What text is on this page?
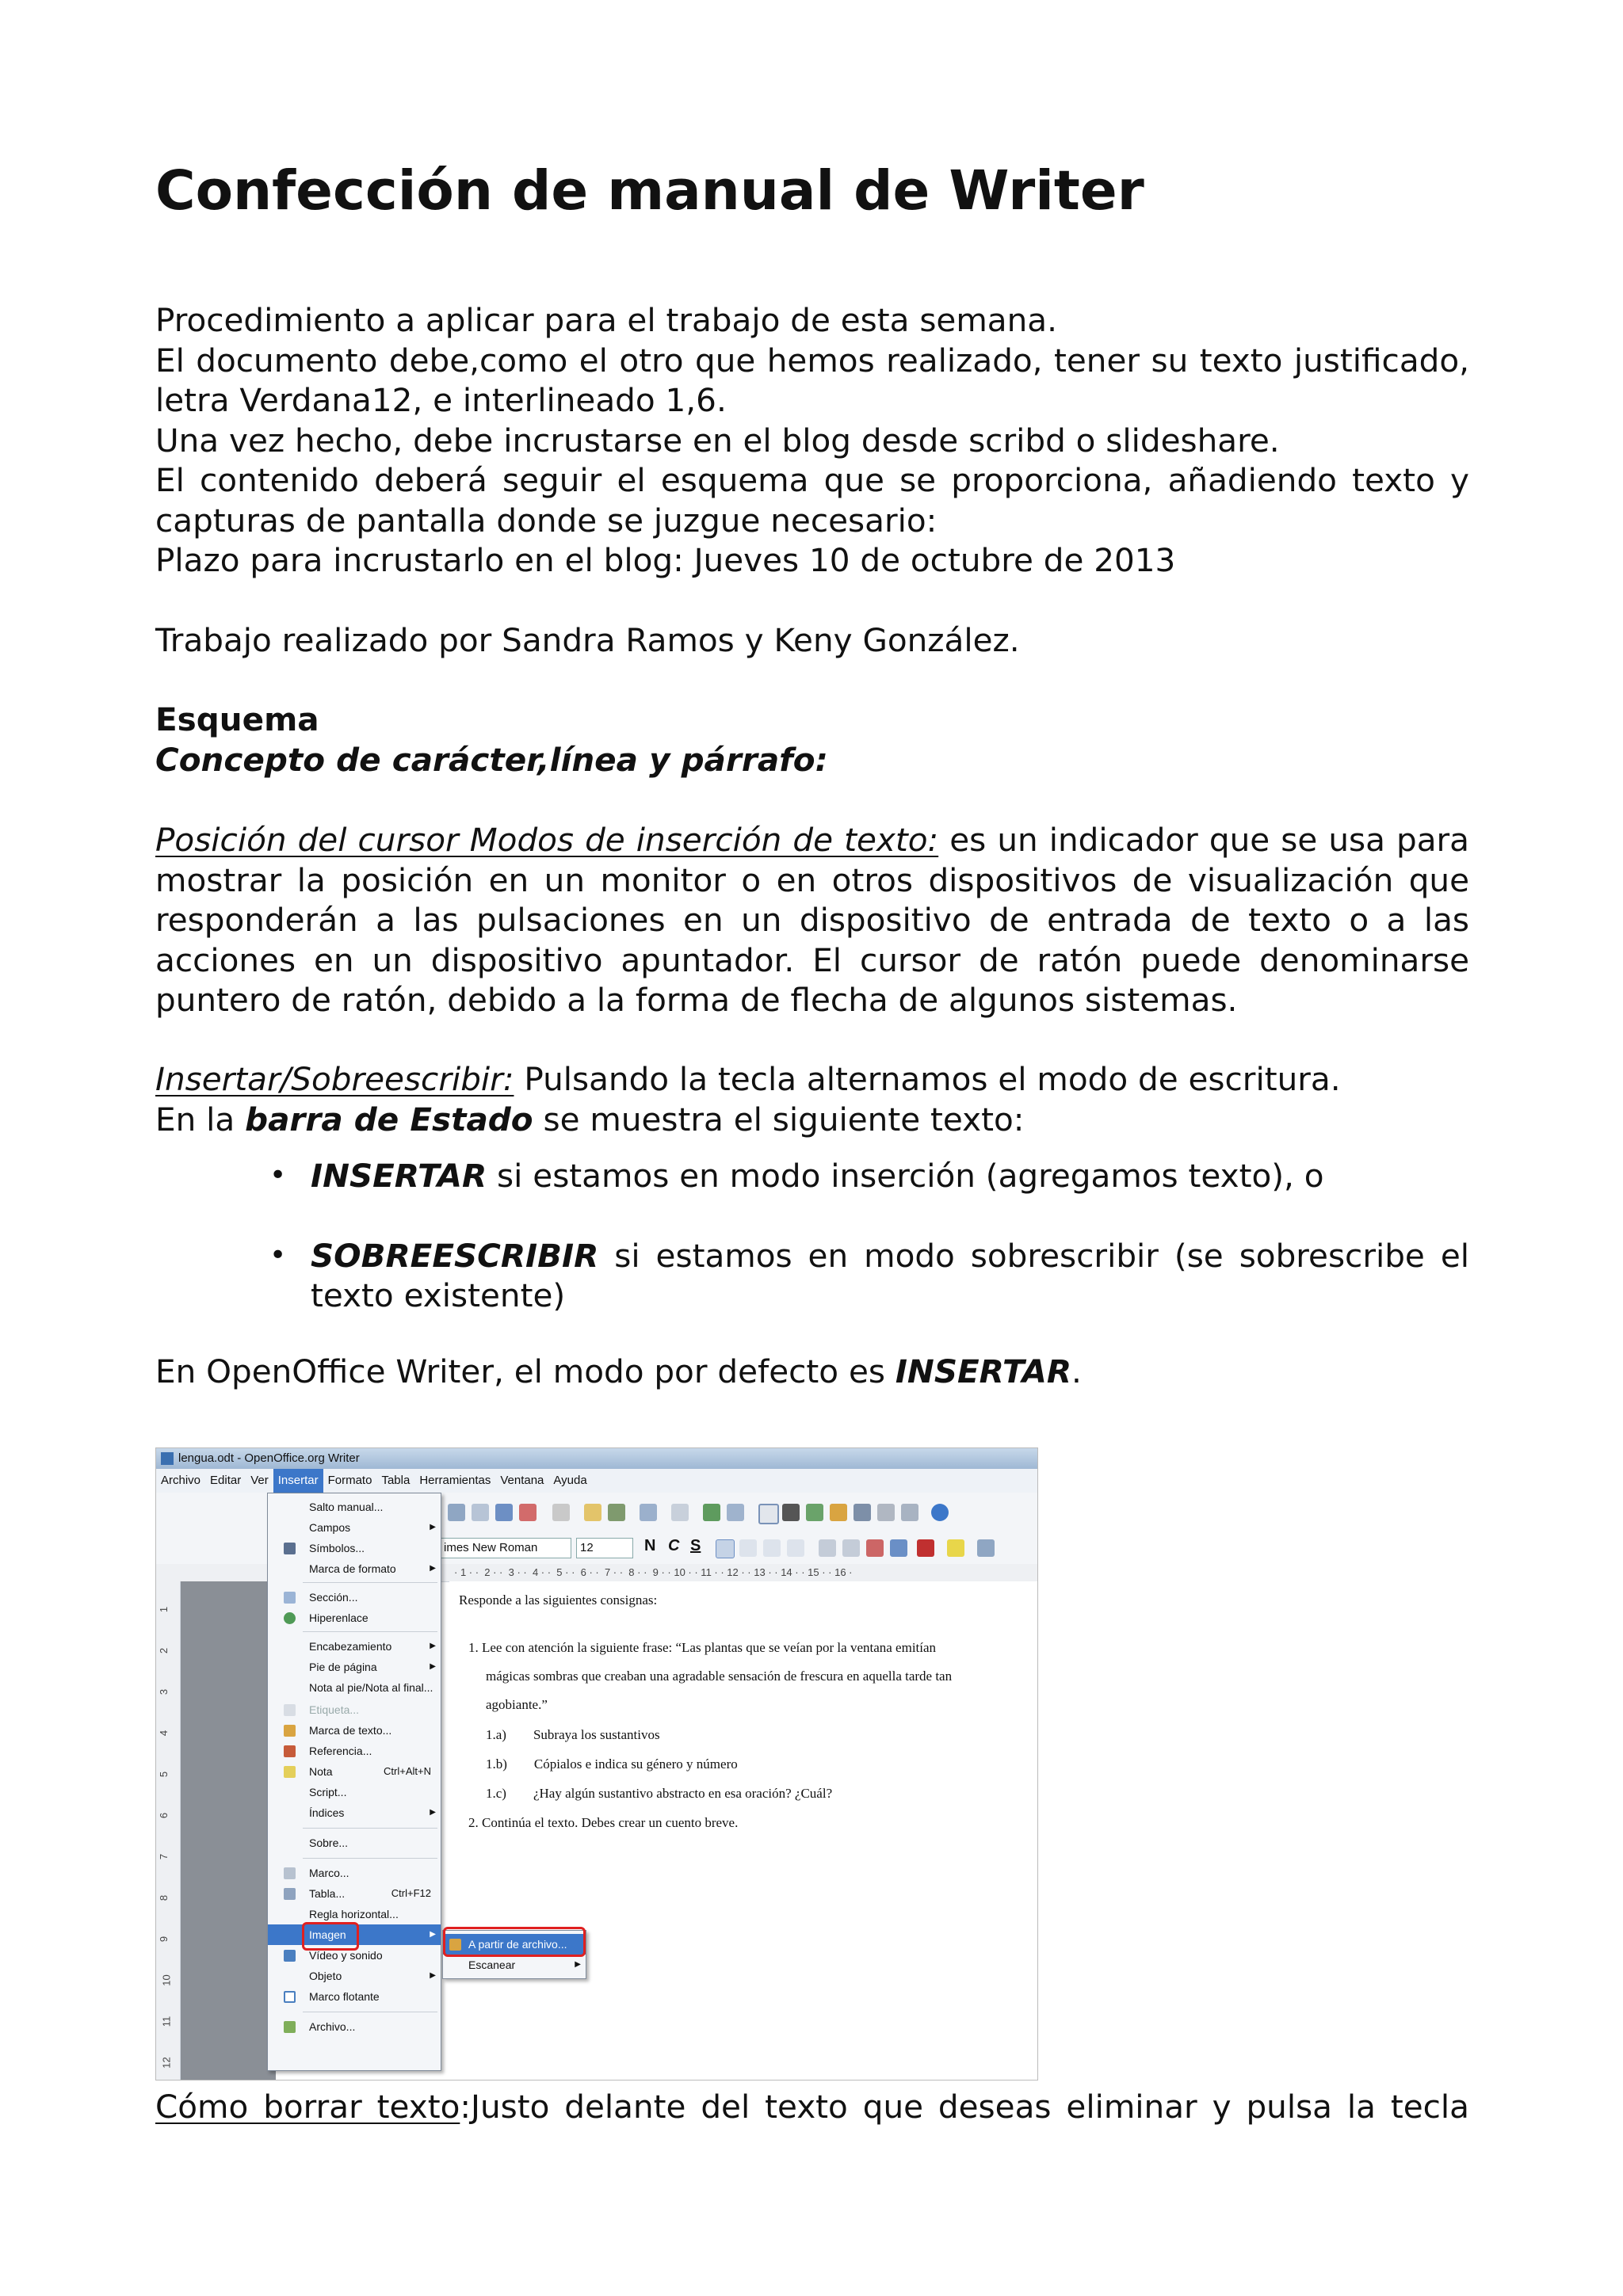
Confección de manual de Writer

Procedimiento a aplicar para el trabajo de esta semana.

El documento debe,como el otro que hemos realizado, tener su texto justificado, letra Verdana12, e interlineado 1,6.

Una vez hecho, debe incrustarse en el blog desde scribd o slideshare.

El contenido deberá seguir el esquema que se proporciona, añadiendo texto y capturas de pantalla donde se juzgue necesario:

Plazo para incrustarlo en el blog: Jueves 10 de octubre de 2013

Trabajo realizado por Sandra Ramos y Keny González.

Esquema

Concepto de carácter,línea y párrafo:

Posición del cursor Modos de inserción de texto: es un indicador que se usa para mostrar la posición en un monitor o en otros dispositivos de visualización que responderán a las pulsaciones en un dispositivo de entrada de texto o a las acciones en un dispositivo apuntador. El cursor de ratón puede denominarse puntero de ratón, debido a la forma de flecha de algunos sistemas.

Insertar/Sobreescribir: Pulsando la tecla alternamos el modo de escritura.

En la barra de Estado se muestra el siguiente texto:

• INSERTAR si estamos en modo inserción (agregamos texto), o
• SOBREESCRIBIR si estamos en modo sobrescribir (se sobrescribe el texto existente)

En OpenOffice Writer, el modo por defecto es INSERTAR.

Cómo borrar texto:Justo delante del texto que deseas eliminar y pulsa la tecla

lengua.odt - OpenOffice.org Writer
Archivo Editar Ver Insertar Formato Tabla Herramientas Ventana Ayuda
imes New Roman	12	N C S
· 1 · ·  2 · ·  3 · ·  4 · ·  5 · ·  6 · ·  7 · ·  8 · ·  9 · · 10 · · 11 · · 12 · · 13 · · 14 · · 15 · · 16 ·
1
2
3
4
5
6
7
8
9
10
11
12
Responde a las siguientes consignas:
1. Lee con atención la siguiente frase: “Las plantas que se veían por la ventana emitían
mágicas sombras que creaban una agradable sensación de frescura en aquella tarde tan
agobiante.”
1.a)        Subraya los sustantivos
1.b)        Cópialos e indica su género y número
1.c)        ¿Hay algún sustantivo abstracto en esa oración? ¿Cuál?
2. Continúa el texto. Debes crear un cuento breve.
Salto manual...
Campos	▶
Símbolos...
Marca de formato	▶
Sección...
Hiperenlace
Encabezamiento	▶
Pie de página	▶
Nota al pie/Nota al final...
Etiqueta...
Marca de texto...
Referencia...
Nota	Ctrl+Alt+N
Script...
Índices	▶
Sobre...
Marco...
Tabla...	Ctrl+F12
Regla horizontal...
Imagen	▶
Vídeo y sonido
Objeto	▶
Marco flotante
Archivo...
A partir de archivo...
Escanear	▶
